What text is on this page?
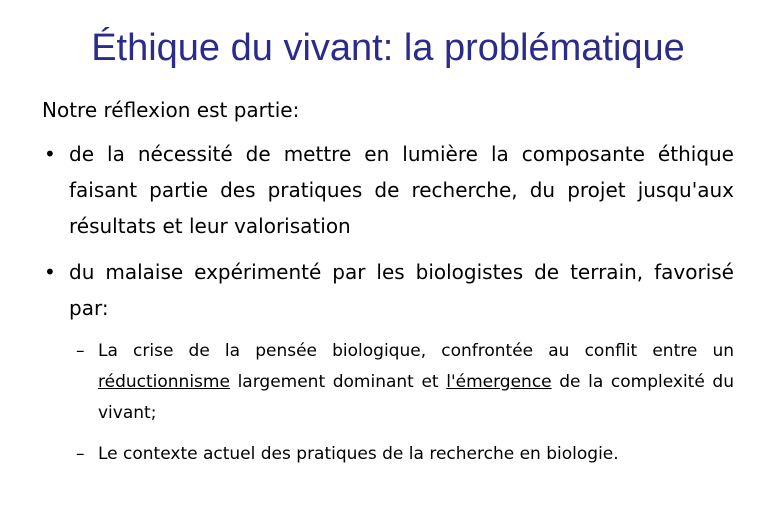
Éthique du vivant: la problématique
Notre réflexion est partie:
• de la nécessité de mettre en lumière la composante éthique faisant partie des pratiques de recherche, du projet jusqu'aux résultats et leur valorisation
• du malaise expérimenté par les biologistes de terrain, favorisé par:
– La crise de la pensée biologique, confrontée au conflit entre un réductionnisme largement dominant et l'émergence de la complexité du vivant;
– Le contexte actuel des pratiques de la recherche en biologie.
